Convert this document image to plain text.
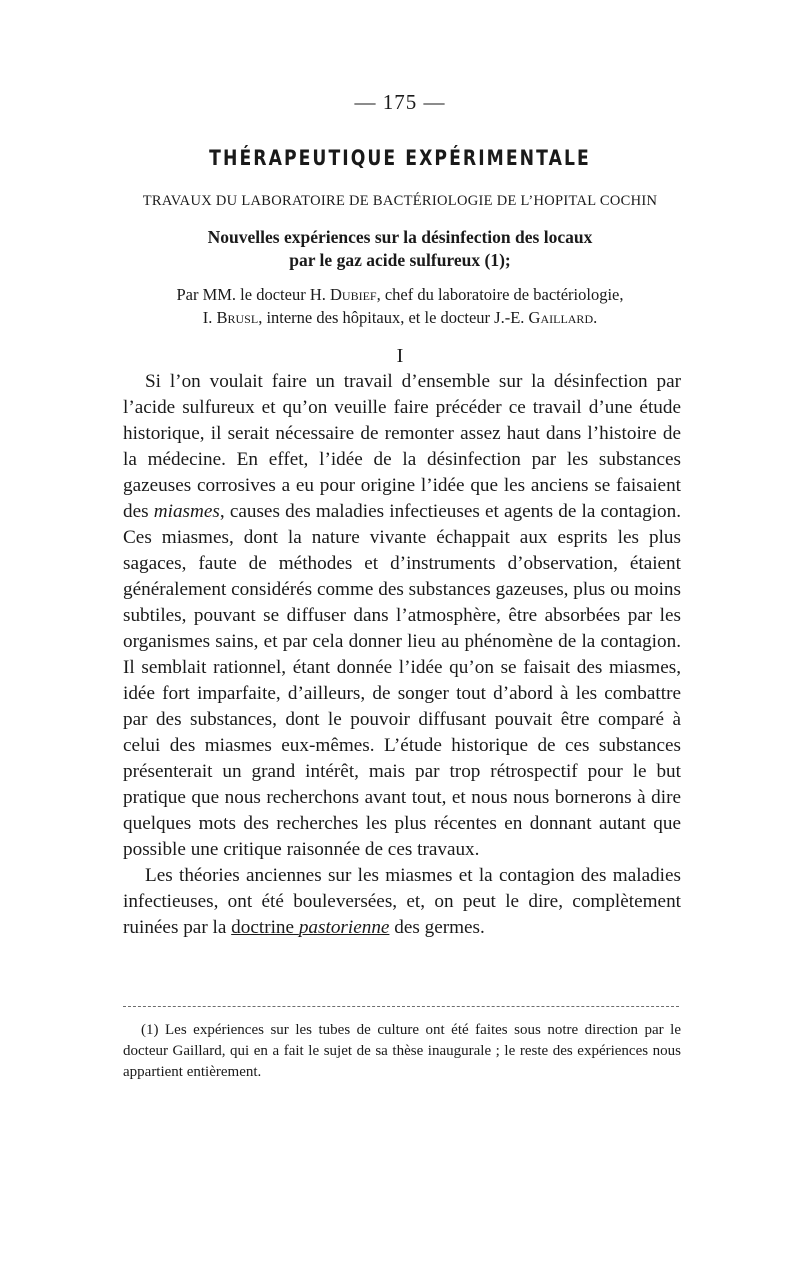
— 175 —
THÉRAPEUTIQUE EXPÉRIMENTALE
TRAVAUX DU LABORATOIRE DE BACTÉRIOLOGIE DE L’HOPITAL COCHIN
Nouvelles expériences sur la désinfection des locaux
par le gaz acide sulfureux (1);
Par MM. le docteur H. Dubief, chef du laboratoire de bactériologie,
I. Brusl, interne des hôpitaux, et le docteur J.-E. Gaillard.
I

Si l’on voulait faire un travail d’ensemble sur la désinfection par l’acide sulfureux et qu’on veuille faire précéder ce travail d’une étude historique, il serait nécessaire de remonter assez haut dans l’histoire de la médecine. En effet, l’idée de la désinfection par les substances gazeuses corrosives a eu pour origine l’idée que les anciens se faisaient des miasmes, causes des maladies infectieuses et agents de la contagion. Ces miasmes, dont la nature vivante échappait aux esprits les plus sagaces, faute de méthodes et d’instruments d’observation, étaient généralement considérés comme des substances gazeuses, plus ou moins subtiles, pouvant se diffuser dans l’atmosphère, être absorbées par les organismes sains, et par cela donner lieu au phénomène de la contagion. Il semblait rationnel, étant donnée l’idée qu’on se faisait des miasmes, idée fort imparfaite, d’ailleurs, de songer tout d’abord à les combattre par des substances, dont le pouvoir diffusant pouvait être comparé à celui des miasmes eux-mêmes. L’étude historique de ces substances présenterait un grand intérêt, mais par trop rétrospectif pour le but pratique que nous recherchons avant tout, et nous nous bornerons à dire quelques mots des recherches les plus récentes en donnant autant que possible une critique raisonnée de ces travaux.

Les théories anciennes sur les miasmes et la contagion des maladies infectieuses, ont été bouleversées, et, on peut le dire, complètement ruinées par la doctrine pastorienne des germes.

(1) Les expériences sur les tubes de culture ont été faites sous notre direction par le docteur Gaillard, qui en a fait le sujet de sa thèse inaugurale ; le reste des expériences nous appartient entièrement.
